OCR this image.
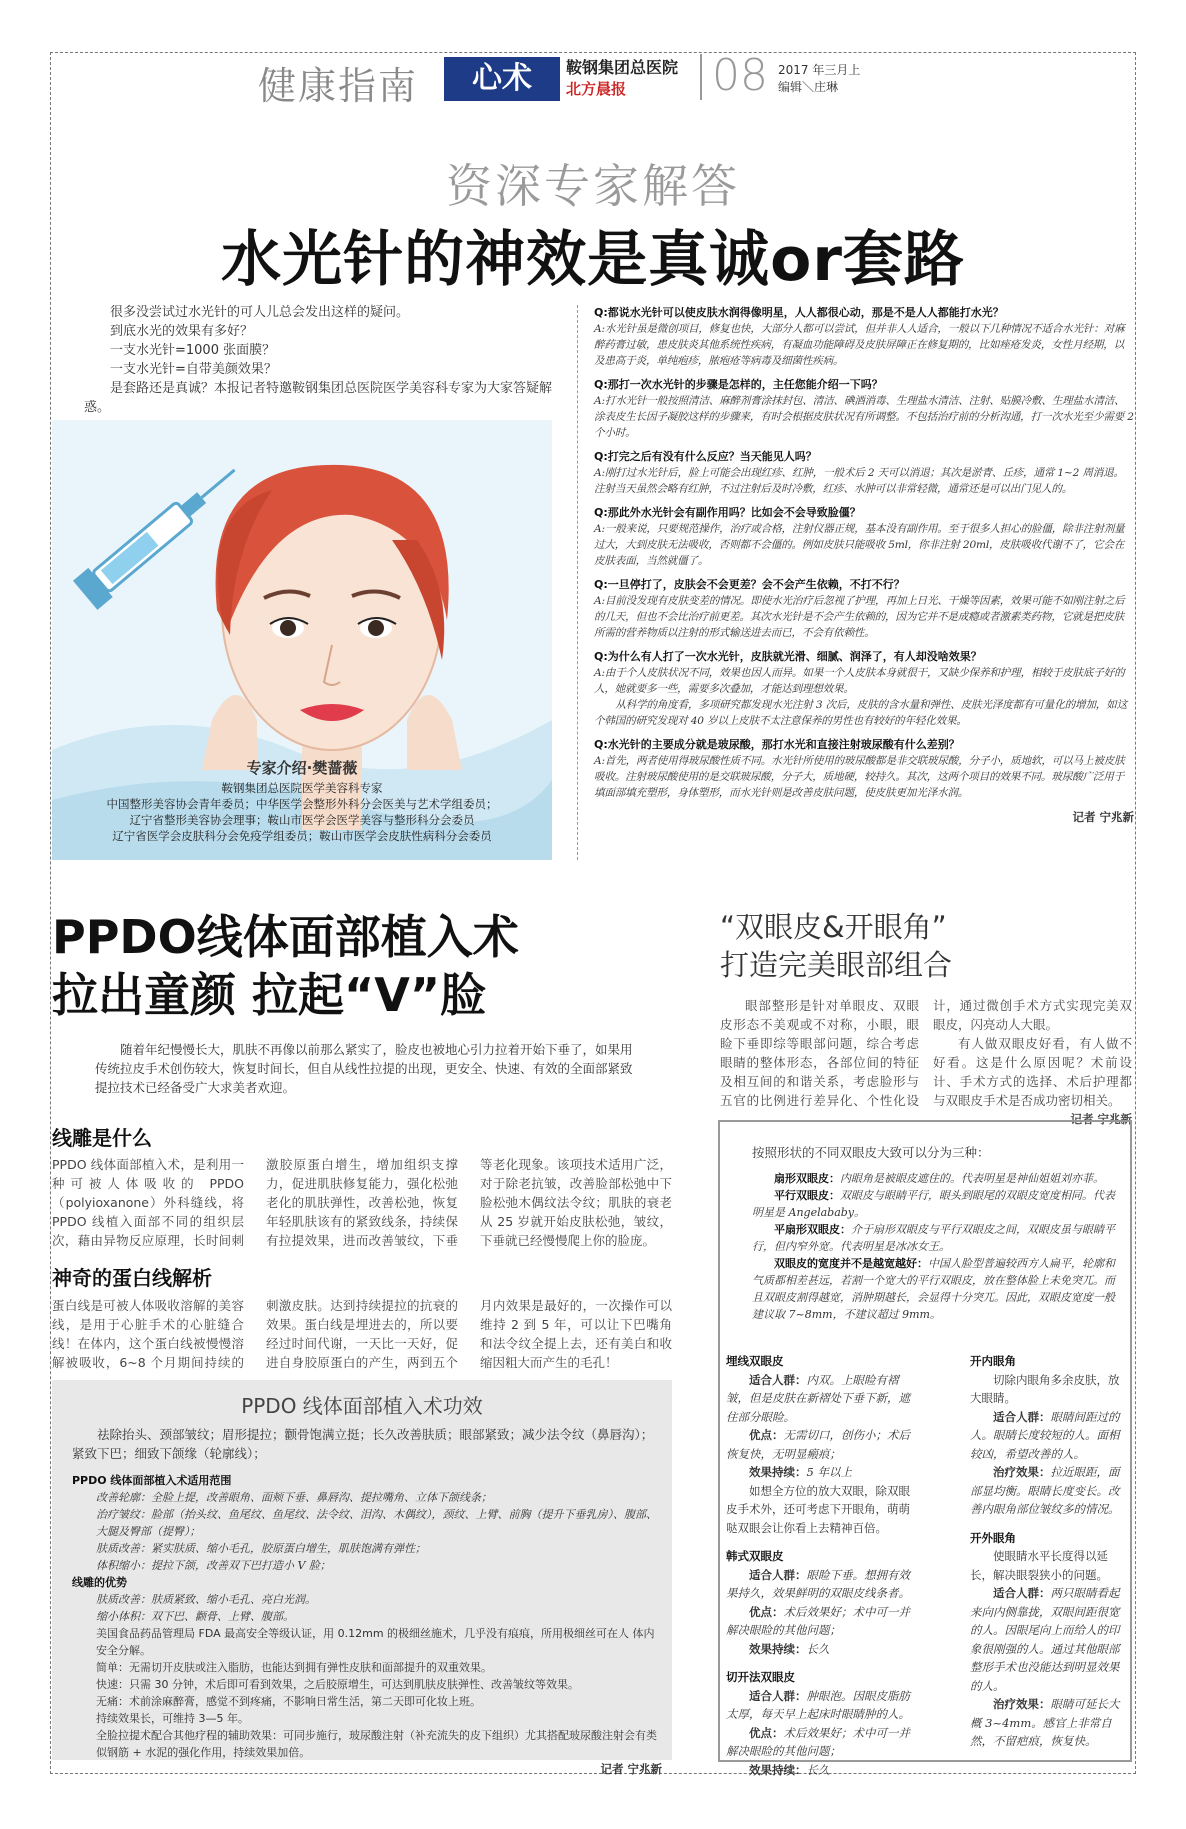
健康指南	心术	鞍钢集团总医院
北方晨报 08 2017 年三月上
编辑＼庄琳
资深专家解答
水光针的神效是真诚or套路

很多没尝试过水光针的可人儿总会发出这样的疑问。

到底水光的效果有多好？

一支水光针=1000 张面膜？

一支水光针=自带美颜效果？

是套路还是真诚？本报记者特邀鞍钢集团总医院医学美容科专家为大家答疑解惑。

专家介绍·樊蔷薇
鞍钢集团总医院医学美容科专家
中国整形美容协会青年委员；中华医学会整形外科分会医美与艺术学组委员；
辽宁省整形美容协会理事；鞍山市医学会医学美容与整形科分会委员
辽宁省医学会皮肤科分会免疫学组委员；鞍山市医学会皮肤性病科分会委员
Q:都说水光针可以使皮肤水润得像明星，人人都很心动，那是不是人人都能打水光？

A:水光针虽是微创项目，修复也快，大部分人都可以尝试，但并非人人适合，一般以下几种情况不适合水光针：对麻醉药膏过敏，患皮肤炎其他系统性疾病，有凝血功能障碍及皮肤屏障正在修复期的，比如痤疮发炎，女性月经期，以及患高于炎，单纯疱疹，脓疱疮等病毒及细菌性疾病。

Q:那打一次水光针的步骤是怎样的，主任您能介绍一下吗？

A:打水光针一般按照清洁、麻醉剂膏涂抹封包、清洁、碘酒消毒、生理盐水清洁、注射、贴膜冷敷、生理盐水清洁、涂表皮生长因子凝胶这样的步骤来，有时会根据皮肤状况有所调整。不包括治疗前的分析沟通，打一次水光至少需要 2 个小时。

Q:打完之后有没有什么反应？当天能见人吗？

A:刚打过水光针后，脸上可能会出现红疹、红肿，一般术后 2 天可以消退；其次是淤青、丘疹，通常 1~2 周消退。注射当天虽然会略有红肿，不过注射后及时冷敷，红疹、水肿可以非常轻微，通常还是可以出门见人的。

Q:那此外水光针会有副作用吗？比如会不会导致脸僵？

A:一般来说，只要规范操作，治疗或合格，注射仪器正规，基本没有副作用。至于很多人担心的脸僵，除非注射剂量过大，大到皮肤无法吸收，否则都不会僵的。例如皮肤只能吸收 5ml，你非注射 20ml，皮肤吸收代谢不了，它会在皮肤表面，当然就僵了。

Q:一旦停打了，皮肤会不会更差？会不会产生依赖，不打不行？

A:目前没发现有皮肤变差的情况。即使水光治疗后忽视了护理，再加上日光、干燥等因素，效果可能不如刚注射之后的几天，但也不会比治疗前更差。其次水光针是不会产生依赖的，因为它并不是成瘾或者激素类药物，它就是把皮肤所需的营养物质以注射的形式输送进去而已，不会有依赖性。

Q:为什么有人打了一次水光针，皮肤就光滑、细腻、润泽了，有人却没啥效果？

A:由于个人皮肤状况不同，效果也因人而异。如果一个人皮肤本身就很干，又缺少保养和护理，相较于皮肤底子好的人，她就要多一些，需要多次叠加，才能达到理想效果。

从科学的角度看，多项研究都发现水光注射 3 次后，皮肤的含水量和弹性、皮肤光泽度都有可量化的增加，如这个韩国的研究发现对 40 岁以上皮肤不太注意保养的男性也有较好的年轻化效果。

Q:水光针的主要成分就是玻尿酸，那打水光和直接注射玻尿酸有什么差别？

A:首先，两者使用得玻尿酸性质不同。水光针所使用的玻尿酸都是非交联玻尿酸，分子小，质地软，可以马上被皮肤吸收。注射玻尿酸使用的是交联玻尿酸，分子大，质地硬，较持久。其次，这两个项目的效果不同。玻尿酸广泛用于填面部填充塑形，身体塑形，而水光针则是改善皮肤问题，使皮肤更加光泽水润。

记者 宁兆新
PPDO线体面部植入术
拉出童颜 拉起“V”脸
随着年纪慢慢长大，肌肤不再像以前那么紧实了，脸皮也被地心引力拉着开始下垂了，如果用传统拉皮手术创伤较大，恢复时间长，但自从线性拉提的出现，更安全、快速、有效的全面部紧致提拉技术已经备受广大求美者欢迎。
线雕是什么
PPDO 线体面部植入术，是利用一种可被人体吸收的 PPDO（polyioxanone）外科缝线，将 PPDO 线植入面部不同的组织层次，藉由异物反应原理，长时间刺激胶原蛋白增生，增加组织支撑力，促进肌肤修复能力，强化松弛老化的肌肤弹性，改善松弛，恢复年轻肌肤该有的紧致线条，持续保有拉提效果，进而改善皱纹，下垂等老化现象。该项技术适用广泛，对于除老抗皱，改善脸部松弛中下脸松弛木偶纹法令纹；肌肤的衰老从 25 岁就开始皮肤松弛，皱纹，下垂就已经慢慢爬上你的脸庞。
神奇的蛋白线解析
蛋白线是可被人体吸收溶解的美容线，是用于心脏手术的心脏缝合线！在体内，这个蛋白线被慢慢溶解被吸收，6~8 个月期间持续的刺激皮肤。达到持续提拉的抗衰的效果。蛋白线是埋进去的，所以要经过时间代谢，一天比一天好，促进自身胶原蛋白的产生，两到五个月内效果是最好的，一次操作可以维持 2 到 5 年，可以让下巴嘴角和法令纹全提上去，还有美白和收缩因粗大而产生的毛孔！
PPDO 线体面部植入术功效
祛除抬头、颈部皱纹；眉形提拉；颧骨饱满立挺；长久改善肤质；眼部紧致；减少法令纹（鼻唇沟）；紧致下巴；细致下颌缘（轮廓线）；
PPDO 线体面部植入术适用范围
改善轮廓：全脸上提，改善眼角、面颊下垂、鼻唇沟、提拉嘴角、立体下颌线条；
治疗皱纹：脸部（抬头纹、鱼尾纹、鱼尾纹、法令纹、泪沟、木偶纹），颈纹、上臂、前胸（提升下垂乳房）、腹部、大腿及臀部（提臀）；
肤质改善：紧实肤质、缩小毛孔，胶原蛋白增生，肌肤饱满有弹性；
体积缩小：提拉下颌，改善双下巴打造小 V 脸；
线雕的优势
肤质改善：肤质紧致、缩小毛孔、亮白光润。
缩小体积：双下巴、颧骨、上臂、腹部。
美国食品药品管理局 FDA 最高安全等级认证，用 0.12mm 的极细丝施术，几乎没有痕痕，所用极细丝可在人 体内安全分解。
简单：无需切开皮肤或注入脂肪，也能达到拥有弹性皮肤和面部提升的双重效果。
快速：只需 30 分钟，术后即可看到效果，之后胶原增生，可达到肌肤皮肤弹性、改善皱纹等效果。
无痛：术前涂麻醉膏，感觉不到疼痛，不影响日常生活，第二天即可化妆上班。
持续效果长，可维持 3—5 年。
全脸拉提术配合其他疗程的辅助效果：可同步施行，玻尿酸注射（补充流失的皮下组织）尤其搭配玻尿酸注射会有类似钢筋 + 水泥的强化作用，持续效果加倍。
记者 宁兆新
“双眼皮&开眼角”
打造完美眼部组合

眼部整形是针对单眼皮、双眼皮形态不美观或不对称，小眼，眼睑下垂即综等眼部问题，综合考虑眼睛的整体形态，各部位间的特征及相互间的和谐关系，考虑脸形与五官的比例进行差异化、个性化设计，通过微创手术方式实现完美双眼皮，闪亮动人大眼。

有人做双眼皮好看，有人做不好看。这是什么原因呢？术前设计、手术方式的选择、术后护理都与双眼皮手术是否成功密切相关。

记者 宁兆新
按照形状的不同双眼皮大致可以分为三种：

扇形双眼皮：内眼角是被眼皮遮住的。代表明星是神仙姐姐刘亦菲。

平行双眼皮：双眼皮与眼睛平行，眼头到眼尾的双眼皮宽度相同。代表明星是 Angelababy。

平扇形双眼皮：介于扇形双眼皮与平行双眼皮之间，双眼皮虽与眼睛平行，但内窄外宽。代表明星是冰冰女王。

双眼皮的宽度并不是越宽越好：中国人脸型普遍较西方人扁平，轮廓和气质都相差甚远，若割一个宽大的平行双眼皮，放在整体脸上未免突兀。而且双眼皮割得越宽，消肿期越长，会显得十分突兀。因此，双眼皮宽度一般建议取 7~8mm，不建议超过 9mm。

埋线双眼皮

适合人群：内双。上眼睑有褶皱，但是皮肤在新褶处下垂下新，遮住部分眼睑。

优点：无需切口，创伤小；术后恢复快，无明显瘢痕；

效果持续：5 年以上

如想全方位的放大双眼，除双眼皮手术外，还可考虑下开眼角，萌萌哒双眼会让你看上去精神百倍。

韩式双眼皮

适合人群：眼睑下垂。想拥有效果持久，效果鲜明的双眼皮线条者。

优点：术后效果好；术中可一并解决眼睑的其他问题；

效果持续：长久

切开法双眼皮

适合人群：肿眼泡。因眼皮脂肪太厚，每天早上起床时眼睛肿的人。

优点：术后效果好；术中可一并解决眼睑的其他问题；

效果持续：长久

开内眼角

切除内眼角多余皮肤，放大眼睛。

适合人群：眼睛间距过的人。眼睛长度较短的人。面相较凶，希望改善的人。

治疗效果：拉近眼距，面部显均衡。眼睛长度变长。改善内眼角部位皱纹多的情况。

开外眼角

使眼睛水平长度得以延长，解决眼裂狭小的问题。

适合人群：两只眼睛看起来向内侧靠拢，双眼间距很宽的人。因眼尾向上而给人的印象很刚强的人。通过其他眼部整形手术也没能达到明显效果的人。

治疗效果：眼睛可延长大概 3~4mm。感官上非常自然，不留疤痕，恢复快。
